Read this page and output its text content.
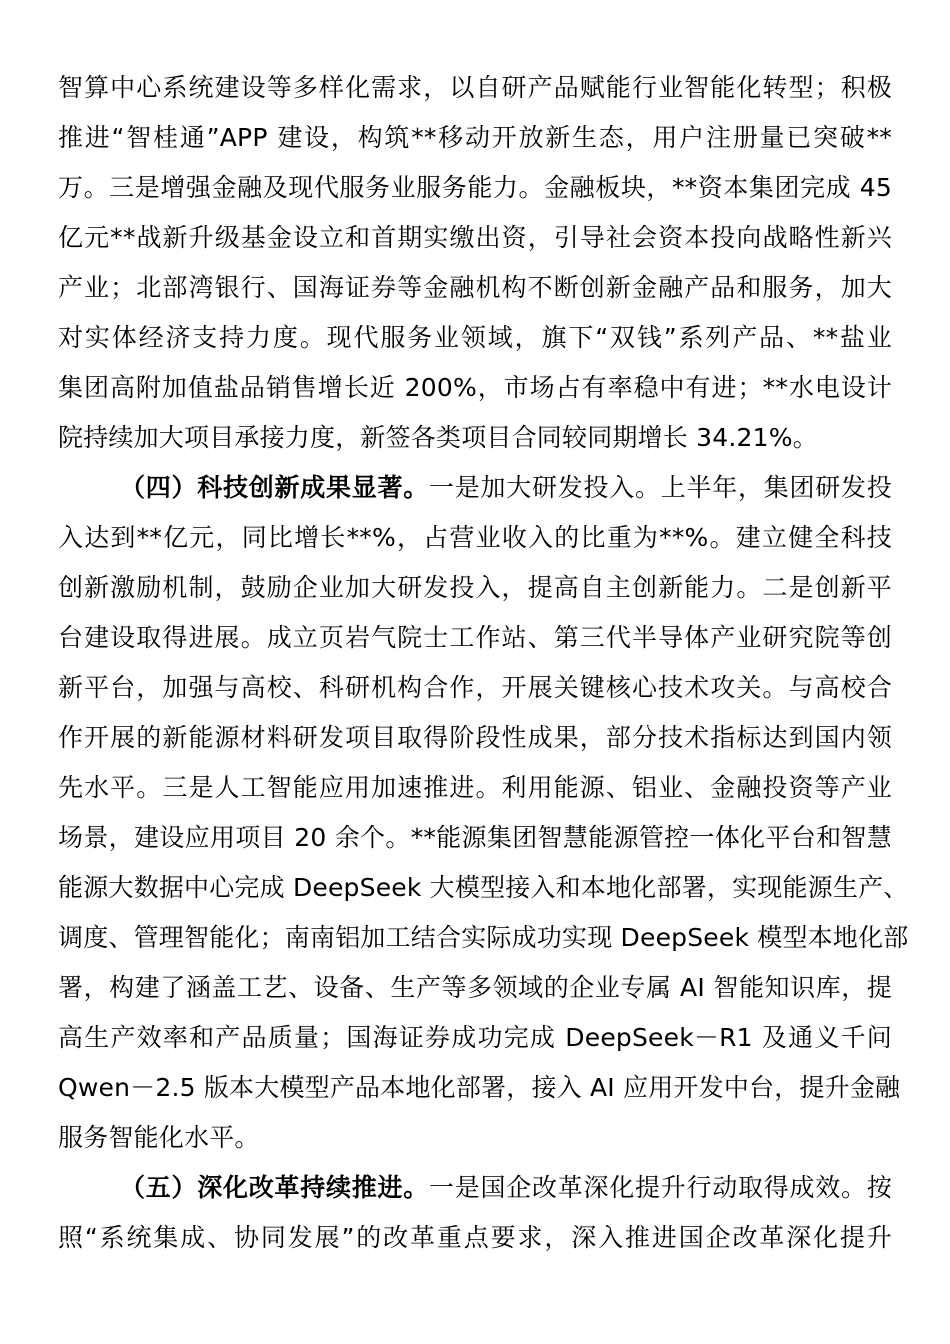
智算中心系统建设等多样化需求，以自研产品赋能行业智能化转型；积极
推进“智桂通”APP 建设，构筑**移动开放新生态，用户注册量已突破**
万。三是增强金融及现代服务业服务能力。金融板块，**资本集团完成 45
亿元**战新升级基金设立和首期实缴出资，引导社会资本投向战略性新兴
产业；北部湾银行、国海证券等金融机构不断创新金融产品和服务，加大
对实体经济支持力度。现代服务业领域，旗下“双钱”系列产品、**盐业
集团高附加值盐品销售增长近 200%，市场占有率稳中有进；**水电设计
院持续加大项目承接力度，新签各类项目合同较同期增长 34.21%。
（四）科技创新成果显著。一是加大研发投入。上半年，集团研发投
入达到**亿元，同比增长**%，占营业收入的比重为**%。建立健全科技
创新激励机制，鼓励企业加大研发投入，提高自主创新能力。二是创新平
台建设取得进展。成立页岩气院士工作站、第三代半导体产业研究院等创
新平台，加强与高校、科研机构合作，开展关键核心技术攻关。与高校合
作开展的新能源材料研发项目取得阶段性成果，部分技术指标达到国内领
先水平。三是人工智能应用加速推进。利用能源、铝业、金融投资等产业
场景，建设应用项目 20 余个。**能源集团智慧能源管控一体化平台和智慧
能源大数据中心完成 DeepSeek 大模型接入和本地化部署，实现能源生产、
调度、管理智能化；南南铝加工结合实际成功实现 DeepSeek 模型本地化部
署，构建了涵盖工艺、设备、生产等多领域的企业专属 AI 智能知识库，提
高生产效率和产品质量；国海证券成功完成 DeepSeek－R1 及通义千问
Qwen－2.5 版本大模型产品本地化部署，接入 AI 应用开发中台，提升金融
服务智能化水平。
（五）深化改革持续推进。一是国企改革深化提升行动取得成效。按
照“系统集成、协同发展”的改革重点要求，深入推进国企改革深化提升
